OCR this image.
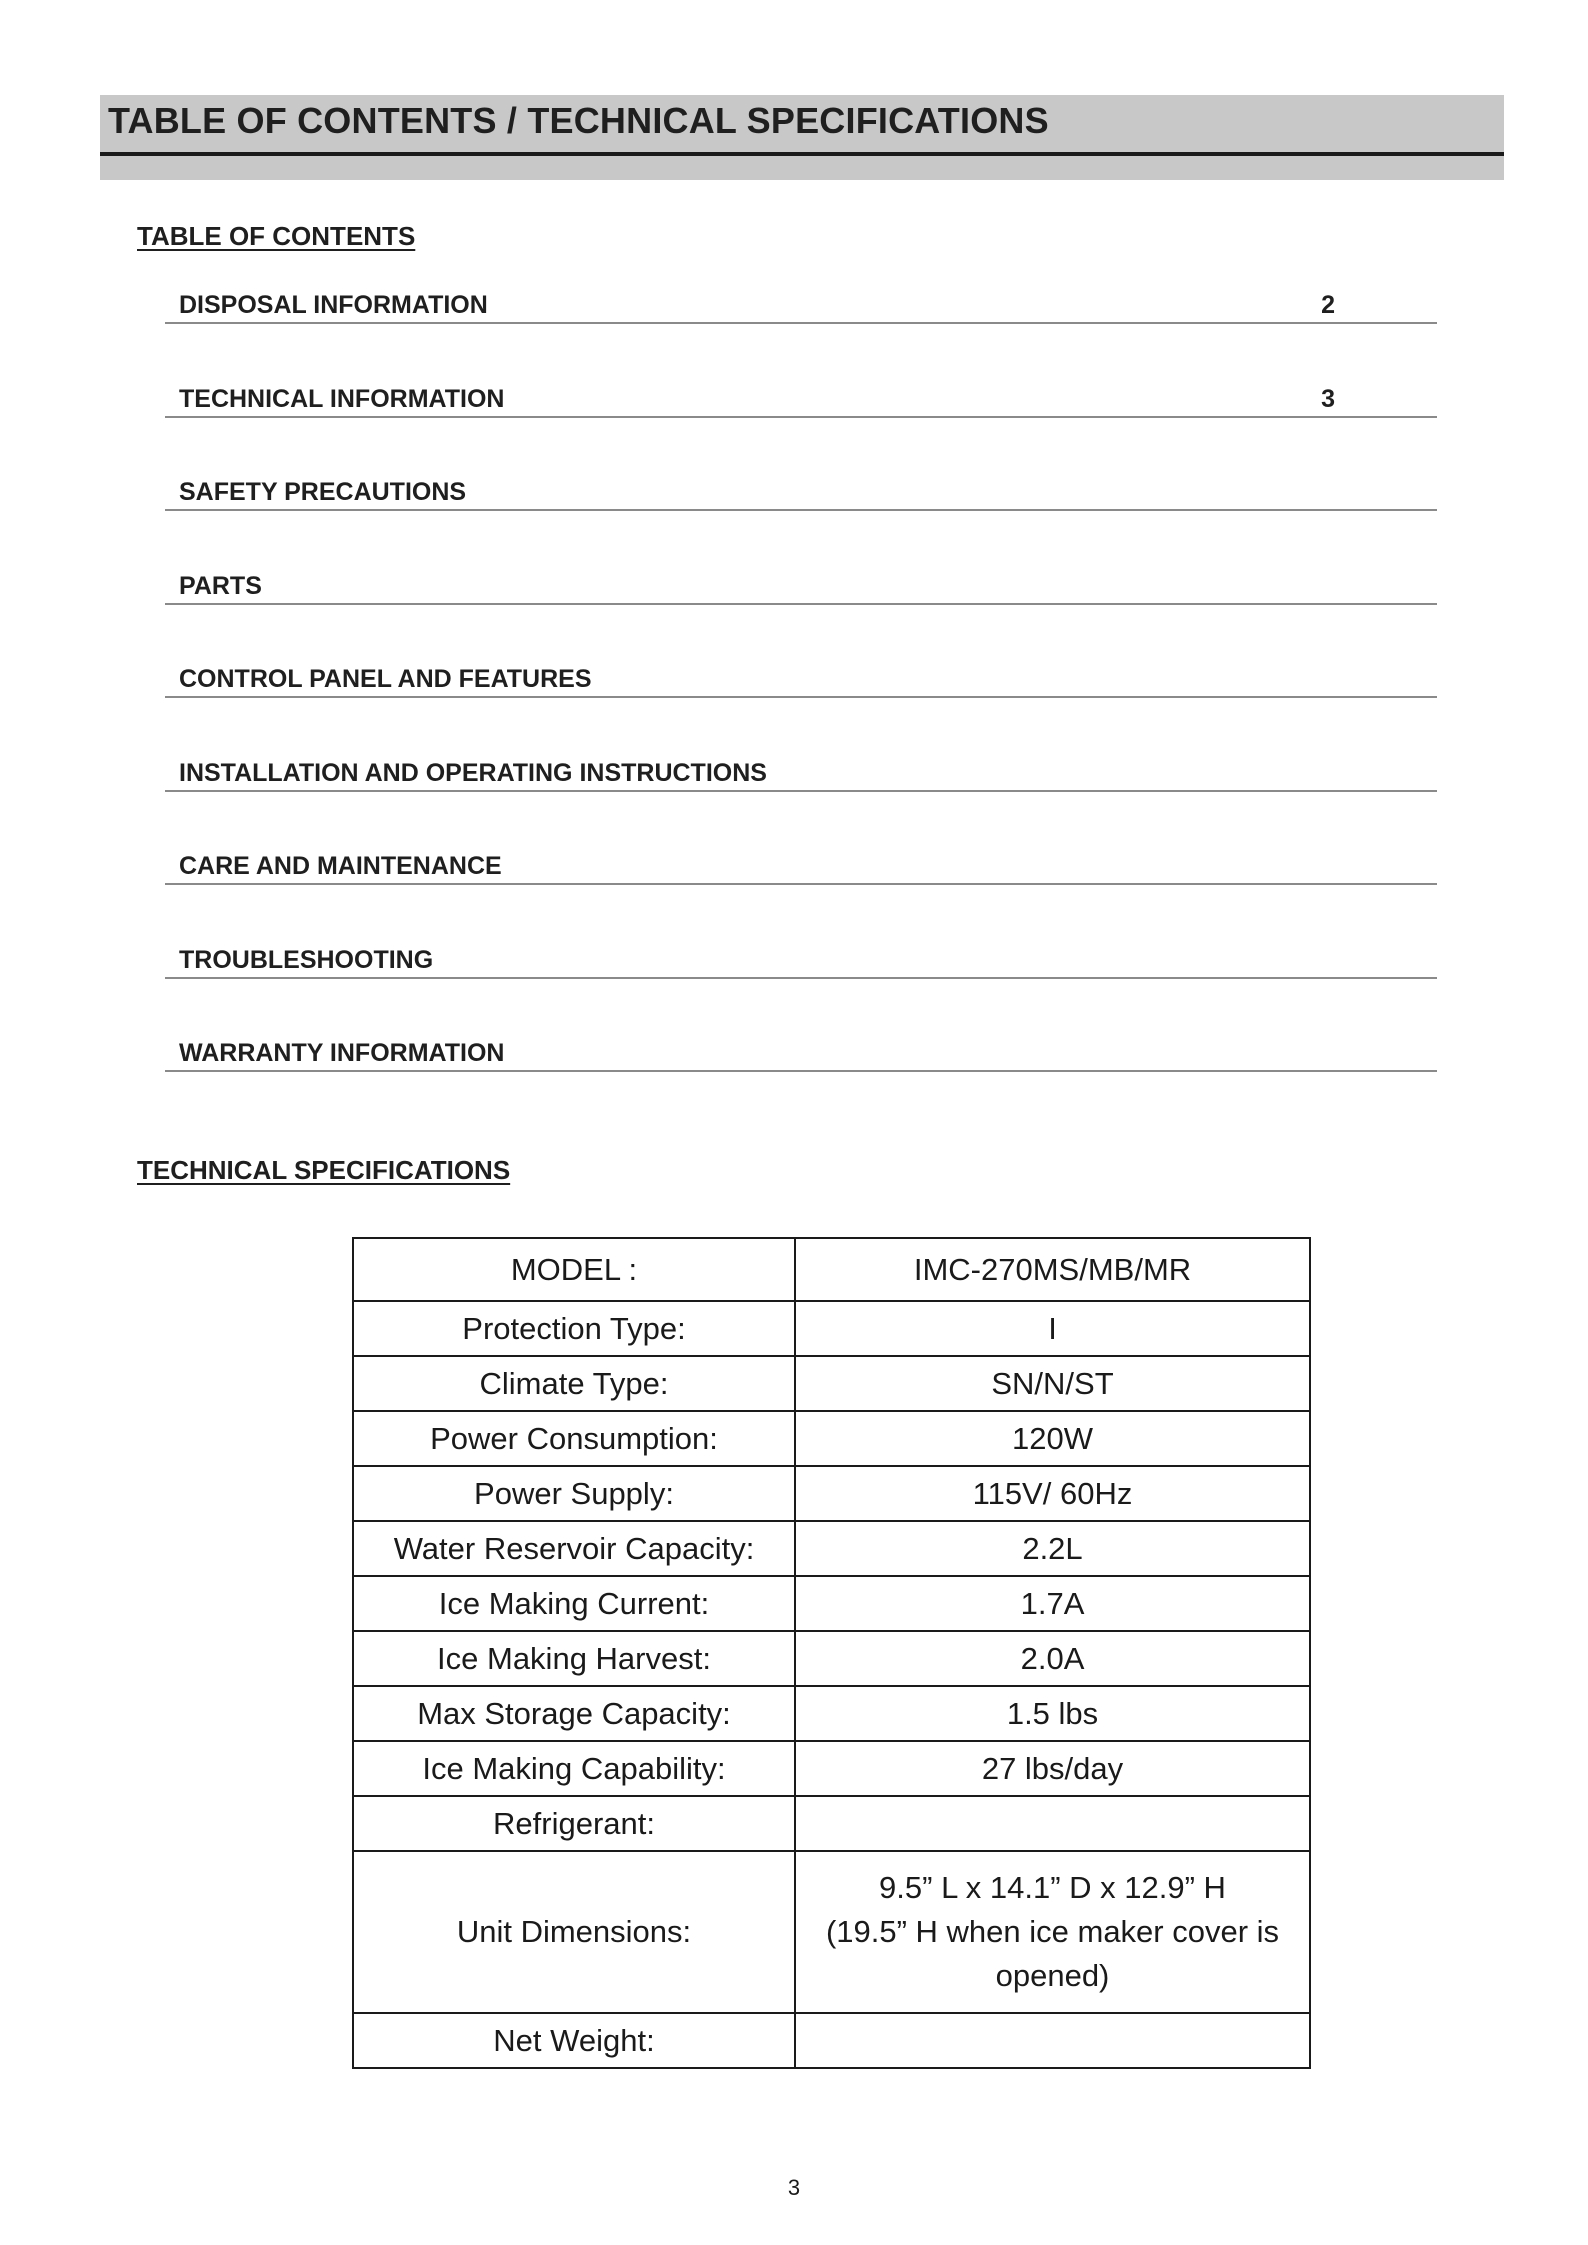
TABLE OF CONTENTS / TECHNICAL SPECIFICATIONS
TABLE OF CONTENTS
DISPOSAL INFORMATION	2
TECHNICAL INFORMATION	3
SAFETY PRECAUTIONS
PARTS
CONTROL PANEL AND FEATURES
INSTALLATION AND OPERATING INSTRUCTIONS
CARE AND MAINTENANCE
TROUBLESHOOTING
WARRANTY INFORMATION
TECHNICAL SPECIFICATIONS
MODEL :	IMC-270MS/MB/MR
Protection Type:	I
Climate Type:	SN/N/ST
Power Consumption:	120W
Power Supply:	115V/ 60Hz
Water Reservoir Capacity:	2.2L
Ice Making Current:	1.7A
Ice Making Harvest:	2.0A
Max Storage Capacity:	1.5 lbs
Ice Making Capability:	27 lbs/day
Refrigerant:	
Unit Dimensions:	9.5” L x 14.1” D x 12.9” H
(19.5” H when ice maker cover is
opened)

Net Weight:	
3
